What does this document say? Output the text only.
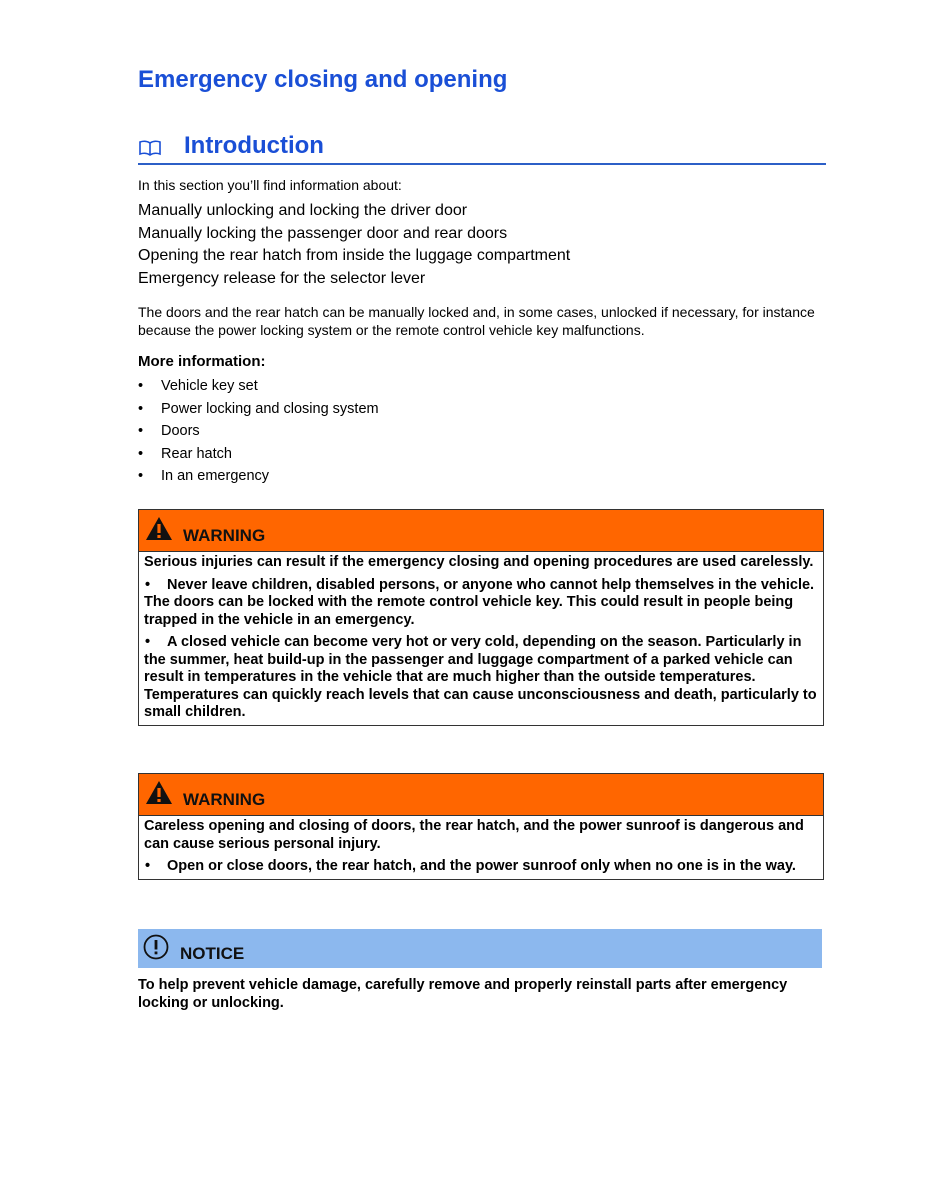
Emergency closing and opening
Introduction

In this section you’ll find information about:

Manually unlocking and locking the driver door
Manually locking the passenger door and rear doors
Opening the rear hatch from inside the luggage compartment
Emergency release for the selector lever

The doors and the rear hatch can be manually locked and, in some cases, unlocked if necessary, for instance because the power locking system or the remote control vehicle key malfunctions.

More information:

• Vehicle key set
• Power locking and closing system
• Doors
• Rear hatch
• In an emergency
WARNING

Serious injuries can result if the emergency closing and opening procedures are used carelessly.

• Never leave children, disabled persons, or anyone who cannot help themselves in the vehicle. The doors can be locked with the remote control vehicle key. This could result in people being trapped in the vehicle in an emergency.

• A closed vehicle can become very hot or very cold, depending on the season. Particularly in the summer, heat build-up in the passenger and luggage compartment of a parked vehicle can result in temperatures in the vehicle that are much higher than the outside temperatures. Temperatures can quickly reach levels that can cause unconsciousness and death, particularly to small children.

WARNING

Careless opening and closing of doors, the rear hatch, and the power sunroof is dangerous and can cause serious personal injury.

• Open or close doors, the rear hatch, and the power sunroof only when no one is in the way.

NOTICE

To help prevent vehicle damage, carefully remove and properly reinstall parts after emergency locking or unlocking.
